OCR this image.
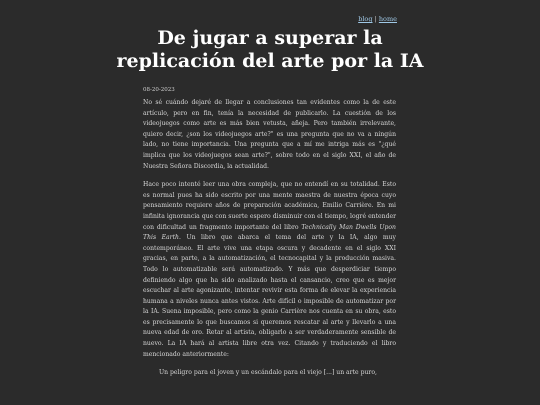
blog | home
De jugar a superar la replicación del arte por la IA
08-20-2023

No sé cuándo dejaré de llegar a conclusiones tan evidentes como la de este artículo, pero en fin, tenía la necesidad de publicarlo. La cuestión de los videojuegos como arte es más bien vetusta, añeja. Pero también irrelevante, quiero decir, ¿son los videojuegos arte?" es una pregunta que no va a ningún lado, no tiene importancia. Una pregunta que a mí me intriga más es "¿qué implica que los videojuegos sean arte?", sobre todo en el siglo XXI, el año de Nuestra Señora Discordia, la actualidad.

Hace poco intenté leer una obra compleja, que no entendí en su totalidad. Esto es normal pues ha sido escrito por una mente maestra de nuestra época cuyo pensamiento requiere años de preparación académica, Emilio Carrière. En mi infinita ignorancia que con suerte espero disminuir con el tiempo, logré entender con dificultad un fragmento importante del libro Technically Man Dwells Upon This Earth. Un libro que abarca el tema del arte y la IA, algo muy contemporáneo. El arte vive una etapa oscura y decadente en el siglo XXI gracias, en parte, a la automatización, el tecnocapital y la producción masiva. Todo lo automatizable será automatizado. Y más que desperdiciar tiempo definiendo algo que ha sido analizado hasta el cansancio, creo que es mejor escuchar al arte agonizante, intentar revivir esta forma de elevar la experiencia humana a niveles nunca antes vistos. Arte difícil o imposible de automatizar por la IA. Suena imposible, pero como la genio Carrière nos cuenta en su obra, esto es precisamente lo que buscamos si queremos rescatar al arte y llevarlo a una nueva edad de oro. Retar al artista, obligarlo a ser verdaderamente sensible de nuevo. La IA hará al artista libre otra vez. Citando y traduciendo el libro mencionado anteriormente:

Un peligro para el joven y un escándalo para el viejo [...] un arte puro,
